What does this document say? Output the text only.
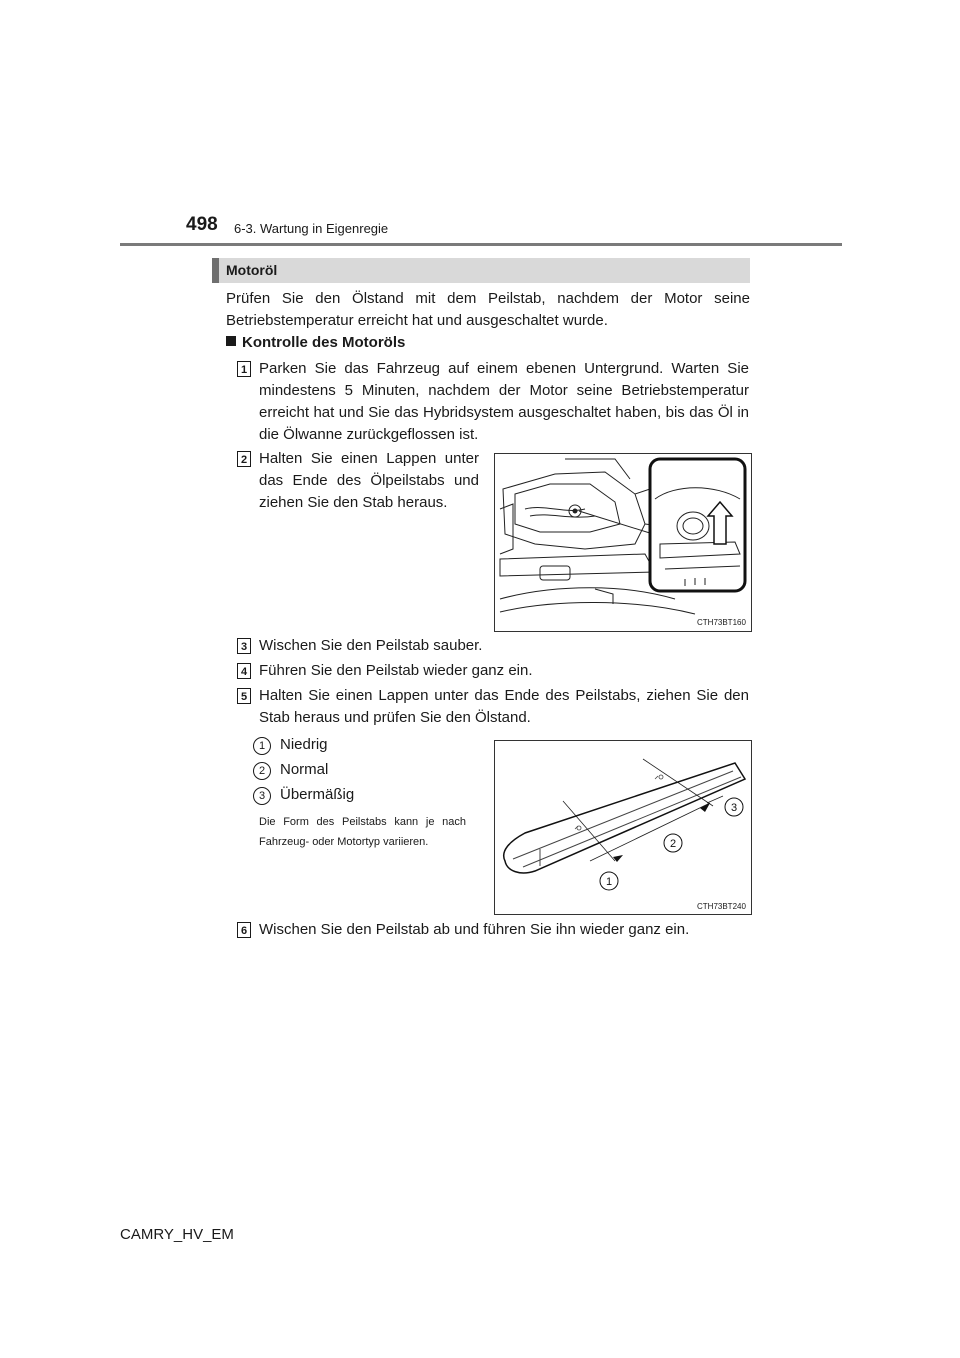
498 6-3. Wartung in Eigenregie
Motoröl
Prüfen Sie den Ölstand mit dem Peilstab, nachdem der Motor seine Betriebstemperatur erreicht hat und ausgeschaltet wurde.
Kontrolle des Motoröls
1 Parken Sie das Fahrzeug auf einem ebenen Untergrund. Warten Sie mindestens 5 Minuten, nachdem der Motor seine Betriebstemperatur erreicht hat und Sie das Hybridsystem ausgeschaltet haben, bis das Öl in die Ölwanne zurückgeflossen ist.
2 Halten Sie einen Lappen unter das Ende des Ölpeilstabs und ziehen Sie den Stab heraus.
CTH73BT160
3 Wischen Sie den Peilstab sauber.
4 Führen Sie den Peilstab wieder ganz ein.
5 Halten Sie einen Lappen unter das Ende des Peilstabs, ziehen Sie den Stab heraus und prüfen Sie den Ölstand.
1 Niedrig
2 Normal
3 Übermäßig
Die Form des Peilstabs kann je nach Fahrzeug- oder Motortyp variieren.	2
3
1
CTH73BT240
6 Wischen Sie den Peilstab ab und führen Sie ihn wieder ganz ein.
CAMRY_HV_EM
